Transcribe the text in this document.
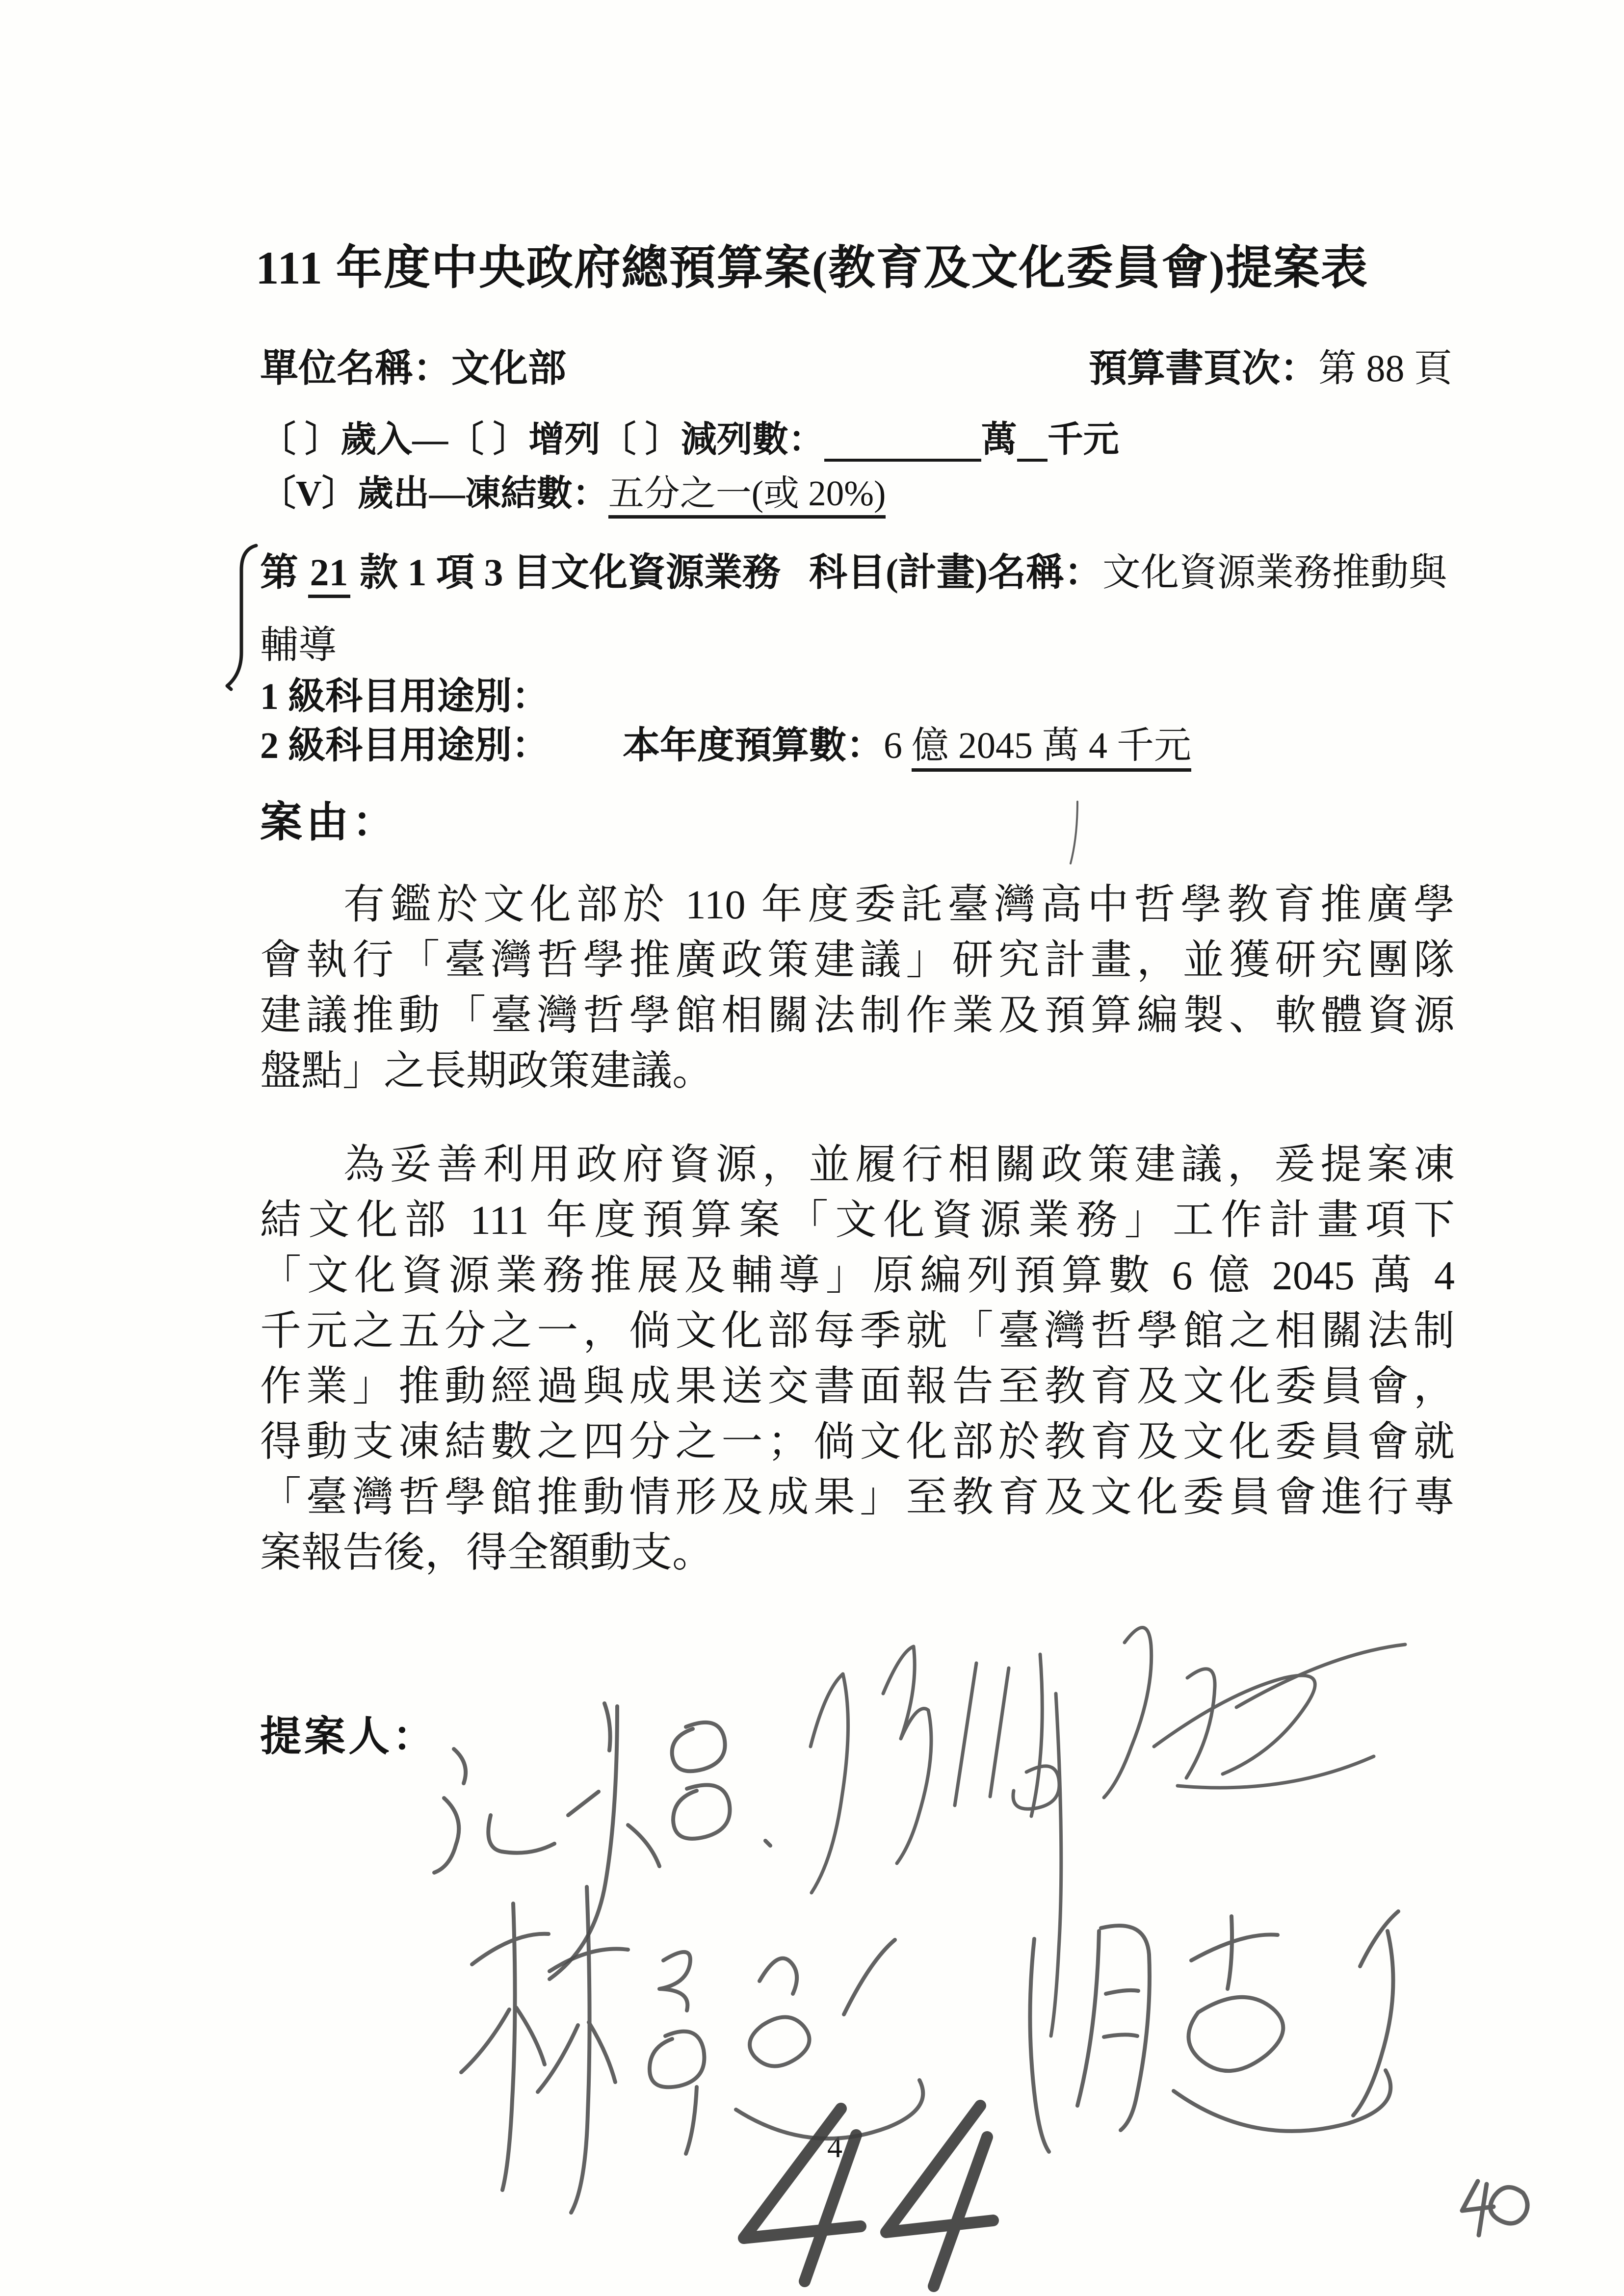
111 年度中央政府總預算案(教育及文化委員會)提案表
單位名稱：文化部	預算書頁次：第 88 頁
〔 〕歲入—〔 〕增列〔 〕減列數：	萬 千元
〔V〕歲出—凍結數：五分之一(或 20%)
第 21 款 1 項 3 目文化資源業務 科目(計畫)名稱：文化資源業務推動與
輔導
1 級科目用途別：
2 級科目用途別： 本年度預算數：6 億 2045 萬 4 千元
案由：
有鑑於文化部於 110 年度委託臺灣高中哲學教育推廣學
會執行「臺灣哲學推廣政策建議」研究計畫，並獲研究團隊
建議推動「臺灣哲學館相關法制作業及預算編製、軟體資源
盤點」之長期政策建議。
為妥善利用政府資源，並履行相關政策建議，爰提案凍
結文化部 111 年度預算案「文化資源業務」工作計畫項下
「文化資源業務推展及輔導」原編列預算數 6 億 2045 萬 4
千元之五分之一，倘文化部每季就「臺灣哲學館之相關法制
作業」推動經過與成果送交書面報告至教育及文化委員會，
得動支凍結數之四分之一；倘文化部於教育及文化委員會就
「臺灣哲學館推動情形及成果」至教育及文化委員會進行專
案報告後，得全額動支。
提案人：
4
